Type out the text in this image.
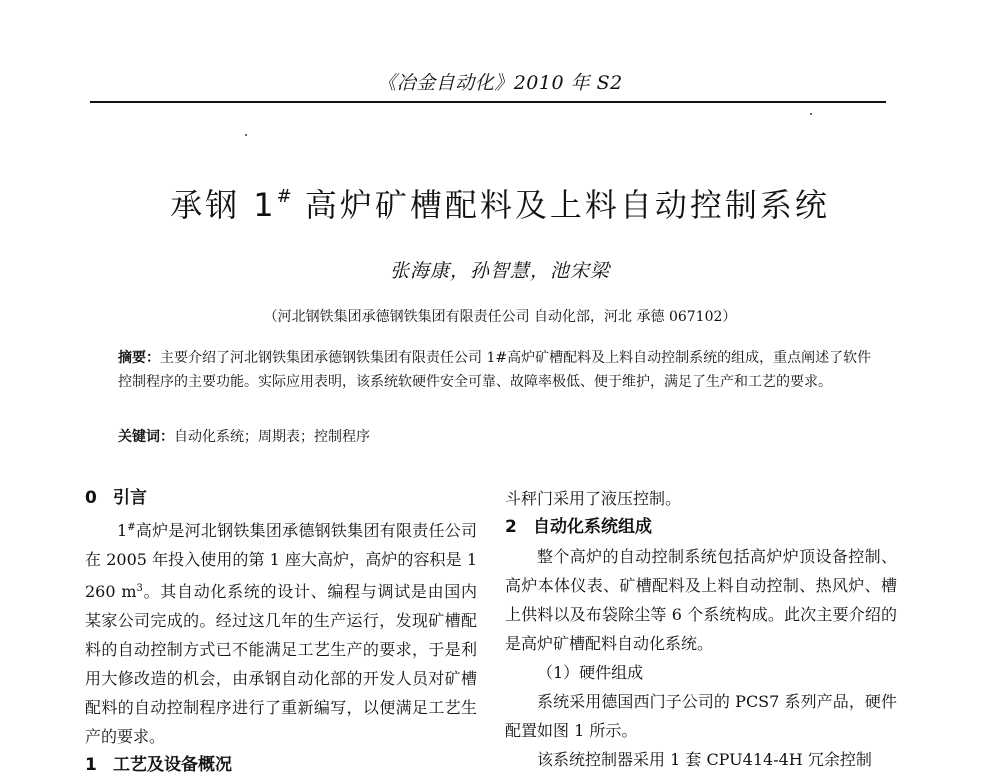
《冶金自动化》2010 年 S2
承钢 1# 高炉矿槽配料及上料自动控制系统
张海康，孙智慧，池宋梁
（河北钢铁集团承德钢铁集团有限责任公司 自动化部，河北 承德 067102）

摘要：主要介绍了河北钢铁集团承德钢铁集团有限责任公司 1#高炉矿槽配料及上料自动控制系统的组成，重点阐述了软件控制程序的主要功能。实际应用表明，该系统软硬件安全可靠、故障率极低、便于维护，满足了生产和工艺的要求。

关键词：自动化系统；周期表；控制程序
0 引言

1#高炉是河北钢铁集团承德钢铁集团有限责任公司在 2005 年投入使用的第 1 座大高炉，高炉的容积是 1 260 $m^3$。其自动化系统的设计、编程与调试是由国内某家公司完成的。经过这几年的生产运行，发现矿槽配料的自动控制方式已不能满足工艺生产的要求，于是利用大修改造的机会，由承钢自动化部的开发人员对矿槽配料的自动控制程序进行了重新编写，以便满足工艺生产的要求。

1 工艺及设备概况

斗秤门采用了液压控制。

2 自动化系统组成

整个高炉的自动控制系统包括高炉炉顶设备控制、高炉本体仪表、矿槽配料及上料自动控制、热风炉、槽上供料以及布袋除尘等 6 个系统构成。此次主要介绍的是高炉矿槽配料自动化系统。

（1）硬件组成

系统采用德国西门子公司的 PCS7 系列产品，硬件配置如图 1 所示。

该系统控制器采用 1 套 CPU414-4H 冗余控制
